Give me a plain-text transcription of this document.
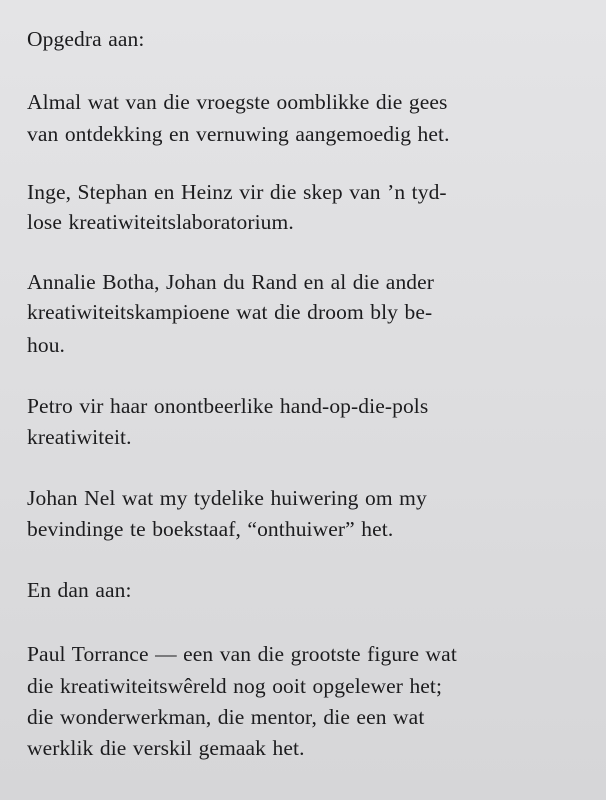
Opgedra aan:
Almal wat van die vroegste oomblikke die gees
van ontdekking en vernuwing aangemoedig het.
Inge, Stephan en Heinz vir die skep van ’n tyd-
lose kreatiwiteitslaboratorium.
Annalie Botha, Johan du Rand en al die ander
kreatiwiteitskampioene wat die droom bly be-
hou.
Petro vir haar onontbeerlike hand-op-die-pols
kreatiwiteit.
Johan Nel wat my tydelike huiwering om my
bevindinge te boekstaaf, “onthuiwer” het.
En dan aan:
Paul Torrance — een van die grootste figure wat
die kreatiwiteitswêreld nog ooit opgelewer het;
die wonderwerkman, die mentor, die een wat
werklik die verskil gemaak het.
